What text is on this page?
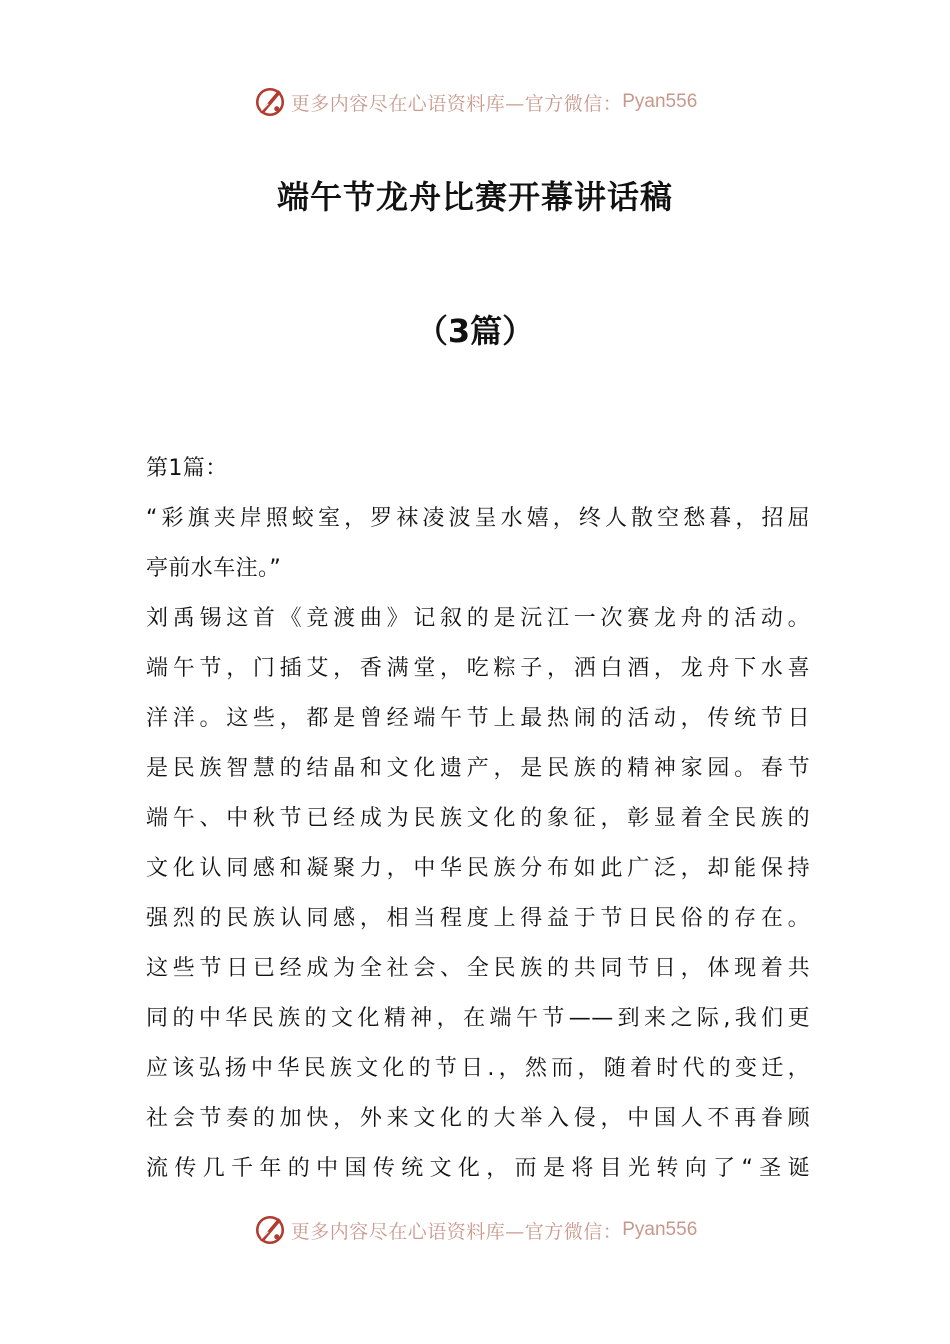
更多内容尽在心语资料库—官方微信： Pyan556
端午节龙舟比赛开幕讲话稿
（3篇）
第1篇：
“彩旗夹岸照蛟室，罗袜凌波呈水嬉，终人散空愁暮，招屈
亭前水车注。”
刘禹锡这首《竞渡曲》记叙的是沅江一次赛龙舟的活动。
端午节，门插艾，香满堂，吃粽子，洒白酒，龙舟下水喜
洋洋。这些，都是曾经端午节上最热闹的活动，传统节日
是民族智慧的结晶和文化遗产，是民族的精神家园。春节
端午、中秋节已经成为民族文化的象征，彰显着全民族的
文化认同感和凝聚力，中华民族分布如此广泛，却能保持
强烈的民族认同感，相当程度上得益于节日民俗的存在。
这些节日已经成为全社会、全民族的共同节日，体现着共
同的中华民族的文化精神，在端午节——到来之际,我们更
应该弘扬中华民族文化的节日.，然而，随着时代的变迁，
社会节奏的加快，外来文化的大举入侵，中国人不再眷顾
流传几千年的中国传统文化，而是将目光转向了“圣诞
更多内容尽在心语资料库—官方微信： Pyan556
